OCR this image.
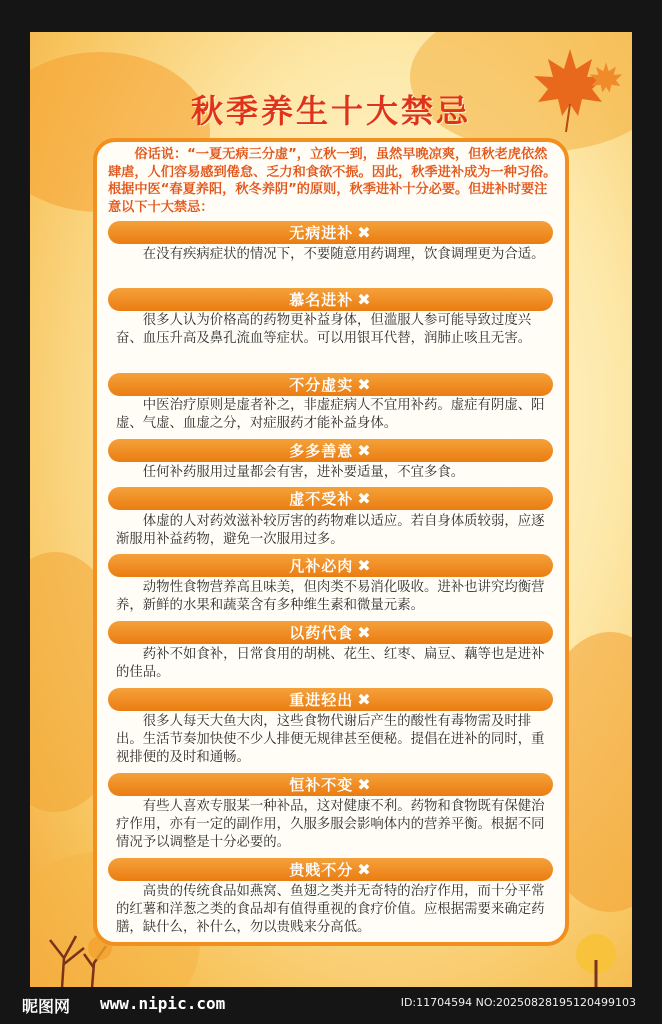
秋季养生十大禁忌
俗话说：“一夏无病三分虚”，立秋一到，虽然早晚凉爽，但秋老虎依然肆虐，人们容易感到倦怠、乏力和食欲不振。因此，秋季进补成为一种习俗。根据中医“春夏养阳，秋冬养阴”的原则，秋季进补十分必要。但进补时要注意以下十大禁忌：
无病进补 ✖
在没有疾病症状的情况下，不要随意用药调理，饮食调理更为合适。
慕名进补 ✖
很多人认为价格高的药物更补益身体，但滥服人参可能导致过度兴奋、血压升高及鼻孔流血等症状。可以用银耳代替，润肺止咳且无害。
不分虚实 ✖
中医治疗原则是虚者补之，非虚症病人不宜用补药。虚症有阴虚、阳虚、气虚、血虚之分，对症服药才能补益身体。
多多善意 ✖
任何补药服用过量都会有害，进补要适量，不宜多食。
虚不受补 ✖
体虚的人对药效滋补较厉害的药物难以适应。若自身体质较弱，应逐渐服用补益药物，避免一次服用过多。
凡补必肉 ✖
动物性食物营养高且味美，但肉类不易消化吸收。进补也讲究均衡营养，新鲜的水果和蔬菜含有多种维生素和微量元素。
以药代食 ✖
药补不如食补，日常食用的胡桃、花生、红枣、扁豆、藕等也是进补的佳品。
重进轻出 ✖
很多人每天大鱼大肉，这些食物代谢后产生的酸性有毒物需及时排出。生活节奏加快使不少人排便无规律甚至便秘。提倡在进补的同时，重视排便的及时和通畅。
恒补不变 ✖
有些人喜欢专服某一种补品，这对健康不利。药物和食物既有保健治疗作用，亦有一定的副作用，久服多服会影响体内的营养平衡。根据不同情况予以调整是十分必要的。
贵贱不分 ✖
高贵的传统食品如燕窝、鱼翅之类并无奇特的治疗作用，而十分平常的红薯和洋葱之类的食品却有值得重视的食疗价值。应根据需要来确定药膳，缺什么，补什么，勿以贵贱来分高低。
昵图网 www.nipic.com	ID:11704594 NO:20250828195120499103
